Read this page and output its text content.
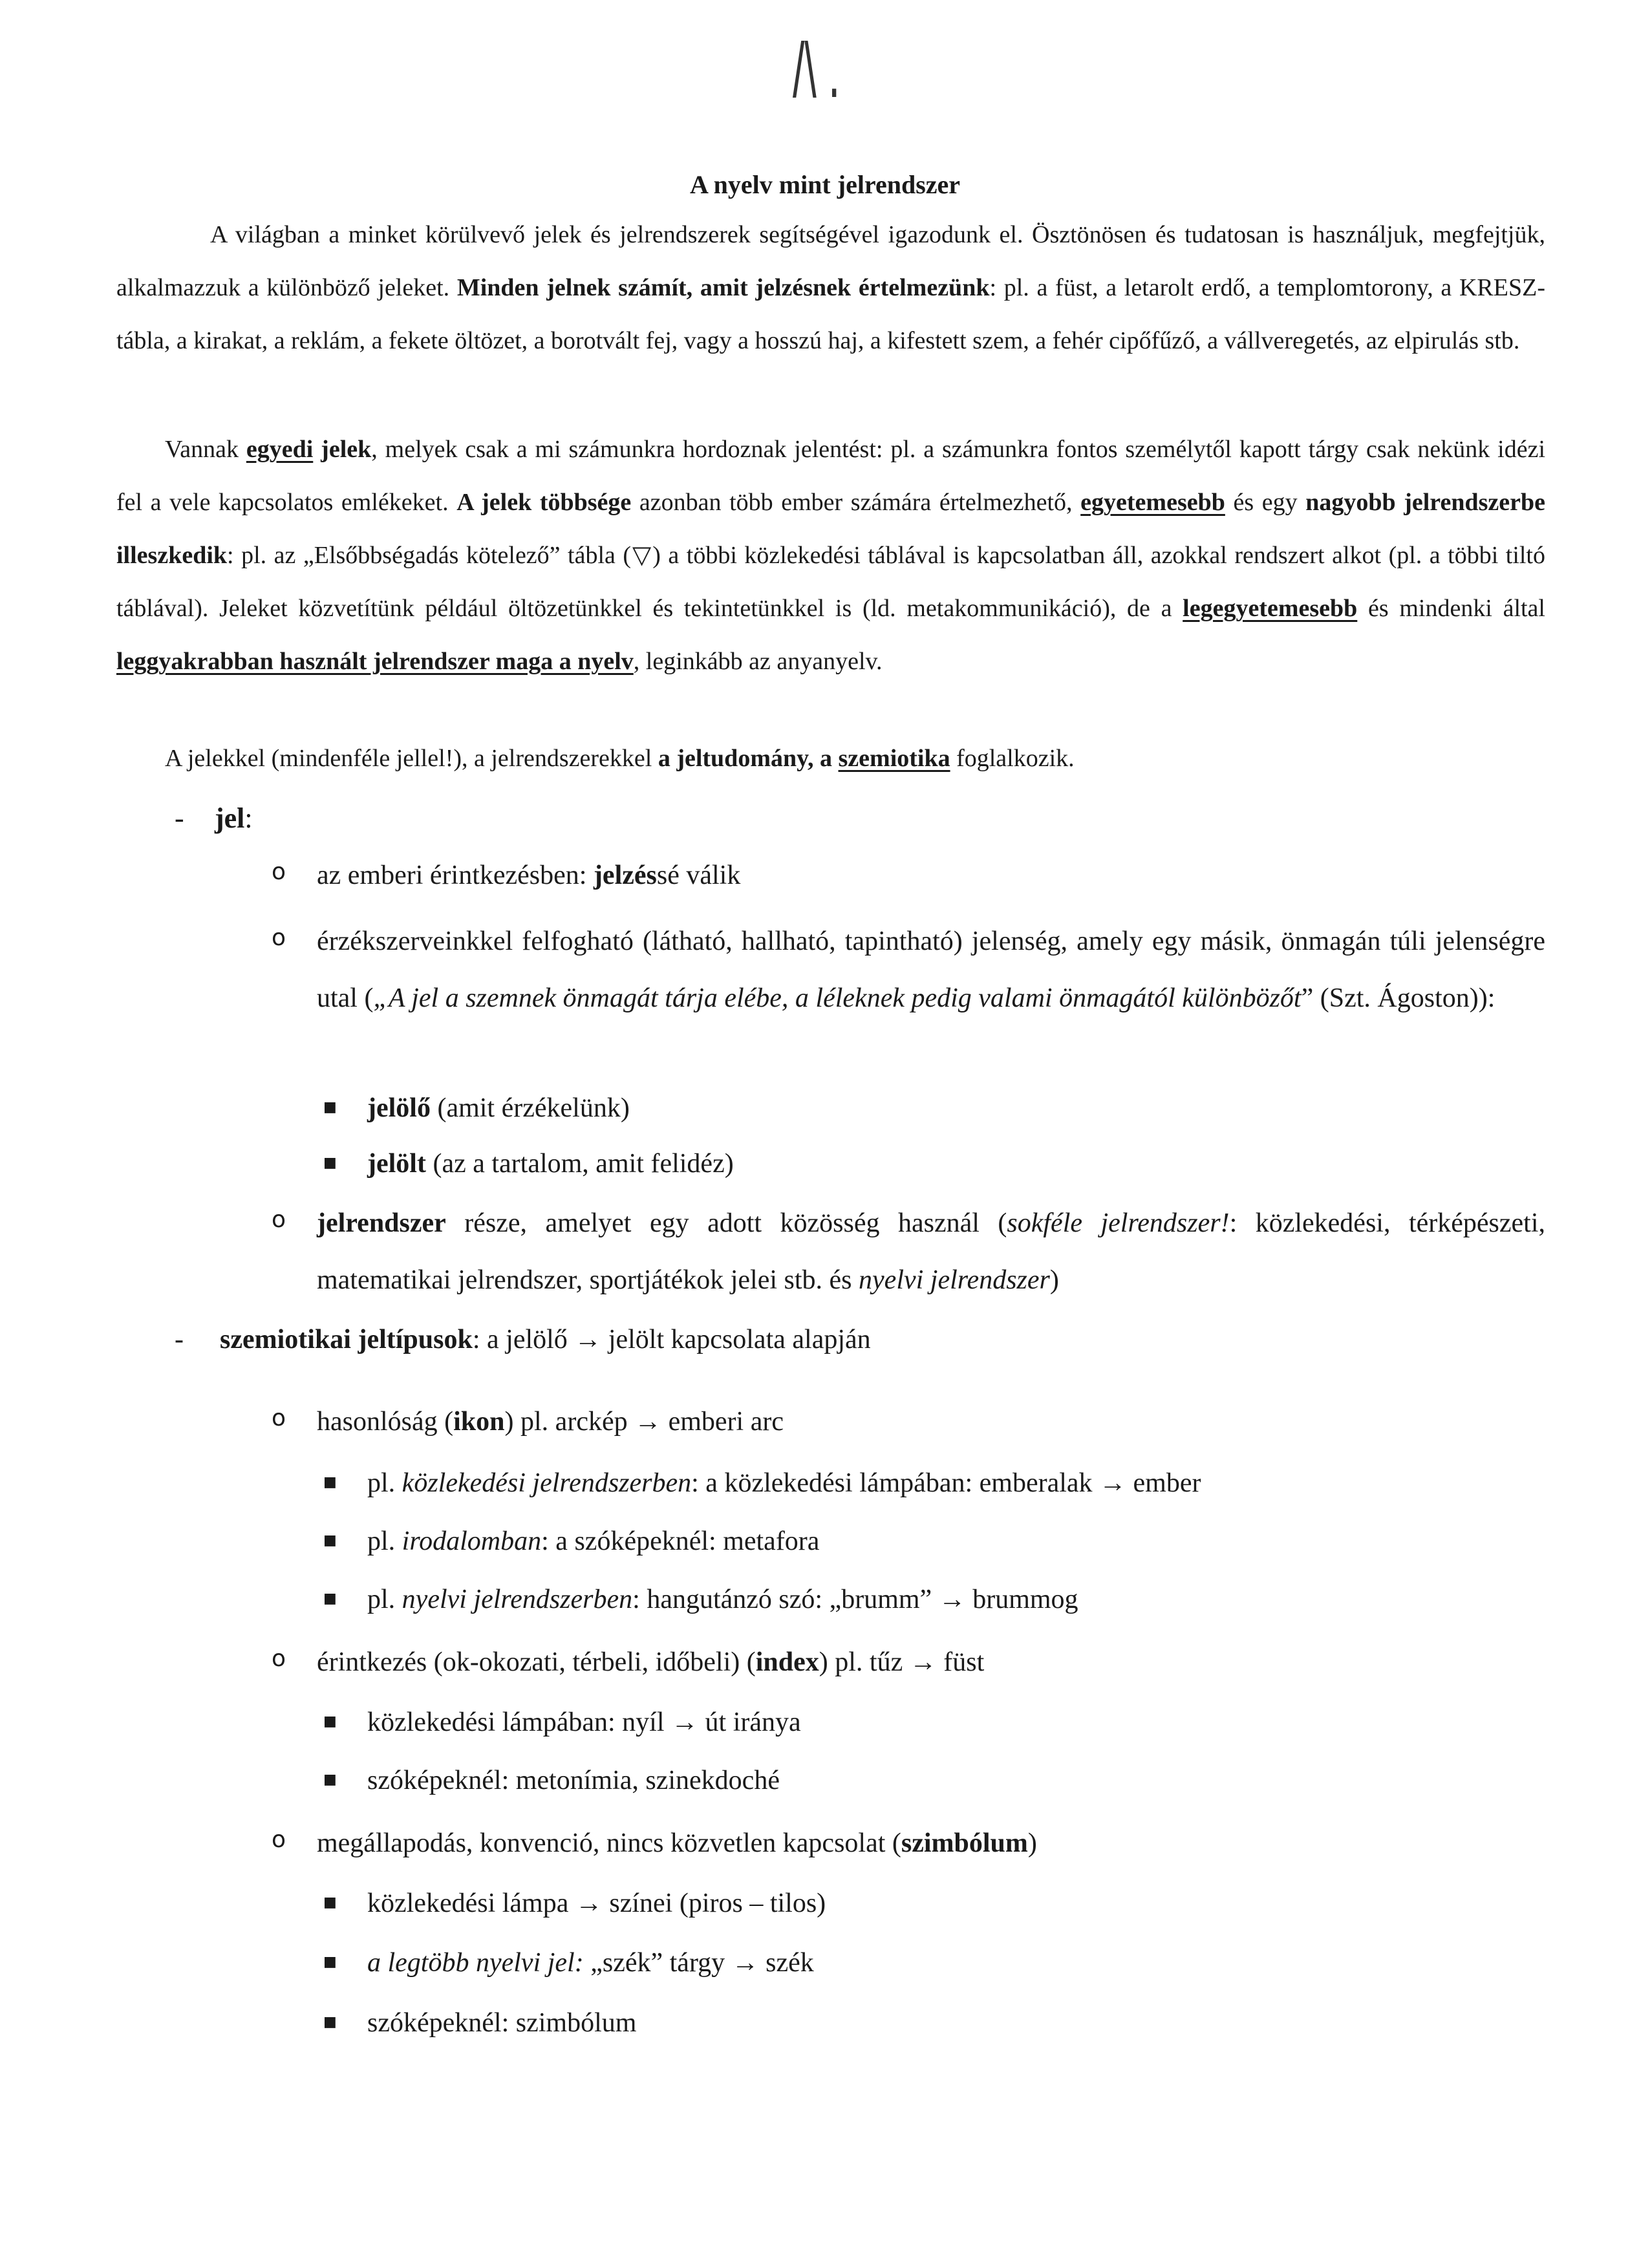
/\ .
A nyelv mint jelrendszer
A világban a minket körülvevő jelek és jelrendszerek segítségével igazodunk el. Ösztönösen és tudatosan is használjuk, megfejtjük, alkalmazzuk a különböző jeleket. Minden jelnek számít, amit jelzésnek értelmezünk: pl. a füst, a letarolt erdő, a templomtorony, a KRESZ-tábla, a kirakat, a reklám, a fekete öltözet, a borotvált fej, vagy a hosszú haj, a kifestett szem, a fehér cipőfűző, a vállveregetés, az elpirulás stb.
Vannak egyedi jelek, melyek csak a mi számunkra hordoznak jelentést: pl. a számunkra fontos személytől kapott tárgy csak nekünk idézi fel a vele kapcsolatos emlékeket. A jelek többsége azonban több ember számára értelmezhető, egyetemesebb és egy nagyobb jelrendszerbe illeszkedik: pl. az „Elsőbbségadás kötelező” tábla (▽) a többi közlekedési táblával is kapcsolatban áll, azokkal rendszert alkot (pl. a többi tiltó táblával). Jeleket közvetítünk például öltözetünkkel és tekintetünkkel is (ld. metakommunikáció), de a legegyetemesebb és mindenki által leggyakrabban használt jelrendszer maga a nyelv, leginkább az anyanyelv.
A jelekkel (mindenféle jellel!), a jelrendszerekkel a jeltudomány, a szemiotika foglalkozik.
- jel:
o az emberi érintkezésben: jelzéssé válik
o érzékszerveinkkel felfogható (látható, hallható, tapintható) jelenség, amely egy másik, önmagán túli jelenségre utal („A jel a szemnek önmagát tárja elébe, a léleknek pedig valami önmagától különbözőt” (Szt. Ágoston)):
■ jelölő (amit érzékelünk)
■ jelölt (az a tartalom, amit felidéz)
o jelrendszer része, amelyet egy adott közösség használ (sokféle jelrendszer!: közlekedési, térképészeti, matematikai jelrendszer, sportjátékok jelei stb. és nyelvi jelrendszer)
- szemiotikai jeltípusok: a jelölő → jelölt kapcsolata alapján
o hasonlóság (ikon) pl. arckép → emberi arc
■ pl. közlekedési jelrendszerben: a közlekedési lámpában: emberalak → ember
■ pl. irodalomban: a szóképeknél: metafora
■ pl. nyelvi jelrendszerben: hangutánzó szó: „brumm” → brummog
o érintkezés (ok-okozati, térbeli, időbeli) (index) pl. tűz → füst
■ közlekedési lámpában: nyíl → út iránya
■ szóképeknél: metonímia, szinekdoché
o megállapodás, konvenció, nincs közvetlen kapcsolat (szimbólum)
■ közlekedési lámpa → színei (piros – tilos)
■ a legtöbb nyelvi jel: „szék” tárgy → szék
■ szóképeknél: szimbólum
